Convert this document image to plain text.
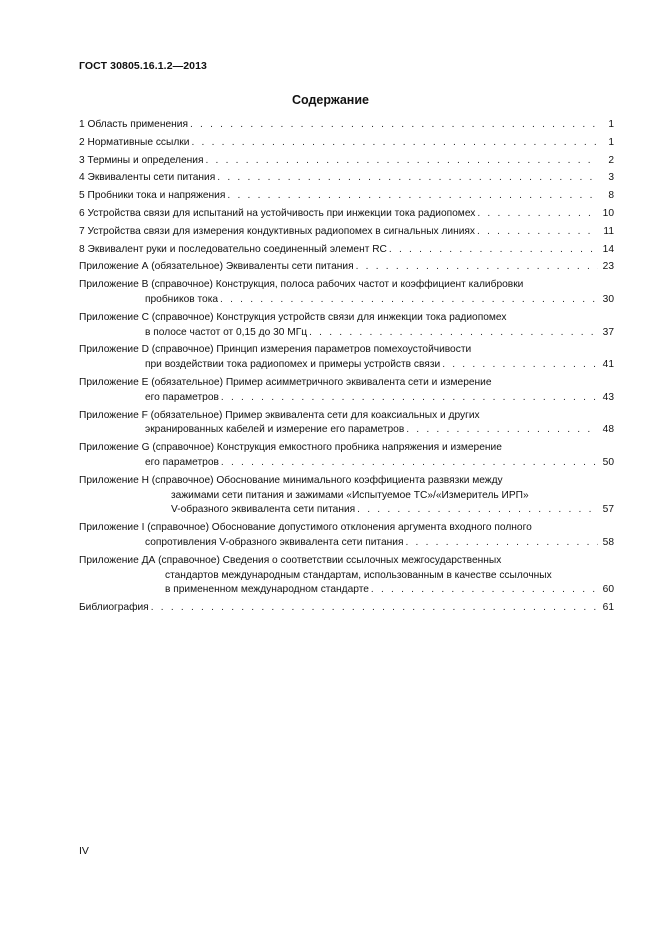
ГОСТ 30805.16.1.2—2013
Содержание
1 Область применения . . .	1
2 Нормативные ссылки . . .	1
3 Термины и определения . . .	2
4 Эквиваленты сети питания . . .	3
5 Пробники тока и напряжения . . .	8
6 Устройства связи для испытаний на устойчивость при инжекции тока радиопомех . . .	10
7 Устройства связи для измерения кондуктивных радиопомех в сигнальных линиях . . .	11
8 Эквивалент руки и последовательно соединенный элемент RC . . .	14
Приложение А (обязательное) Эквиваленты сети питания . . .	23
Приложение В (справочное) Конструкция, полоса рабочих частот и коэффициент калибровки
пробников тока . . .	30
Приложение С (справочное) Конструкция устройств связи для инжекции тока радиопомех
в полосе частот от 0,15 до 30 МГц . . .	37
Приложение D (справочное) Принцип измерения параметров помехоустойчивости
при воздействии тока радиопомех и примеры устройств связи . . .	41
Приложение Е (обязательное) Пример асимметричного эквивалента сети и измерение
его параметров . . .	43
Приложение F (обязательное) Пример эквивалента сети для коаксиальных и других
экранированных кабелей и измерение его параметров . . .	48
Приложение G (справочное) Конструкция емкостного пробника напряжения и измерение
его параметров . . .	50
Приложение Н (справочное) Обоснование минимального коэффициента развязки между
зажимами сети питания и зажимами «Испытуемое ТС»/«Измеритель ИРП»
V-образного эквивалента сети питания . . .	57
Приложение I (справочное) Обоснование допустимого отклонения аргумента входного полного
сопротивления V-образного эквивалента сети питания . . .	58
Приложение ДА (справочное) Сведения о соответствии ссылочных межгосударственных
стандартов международным стандартам, использованным в качестве ссылочных
в примененном международном стандарте . . .	60
Библиография . . .	61
IV
